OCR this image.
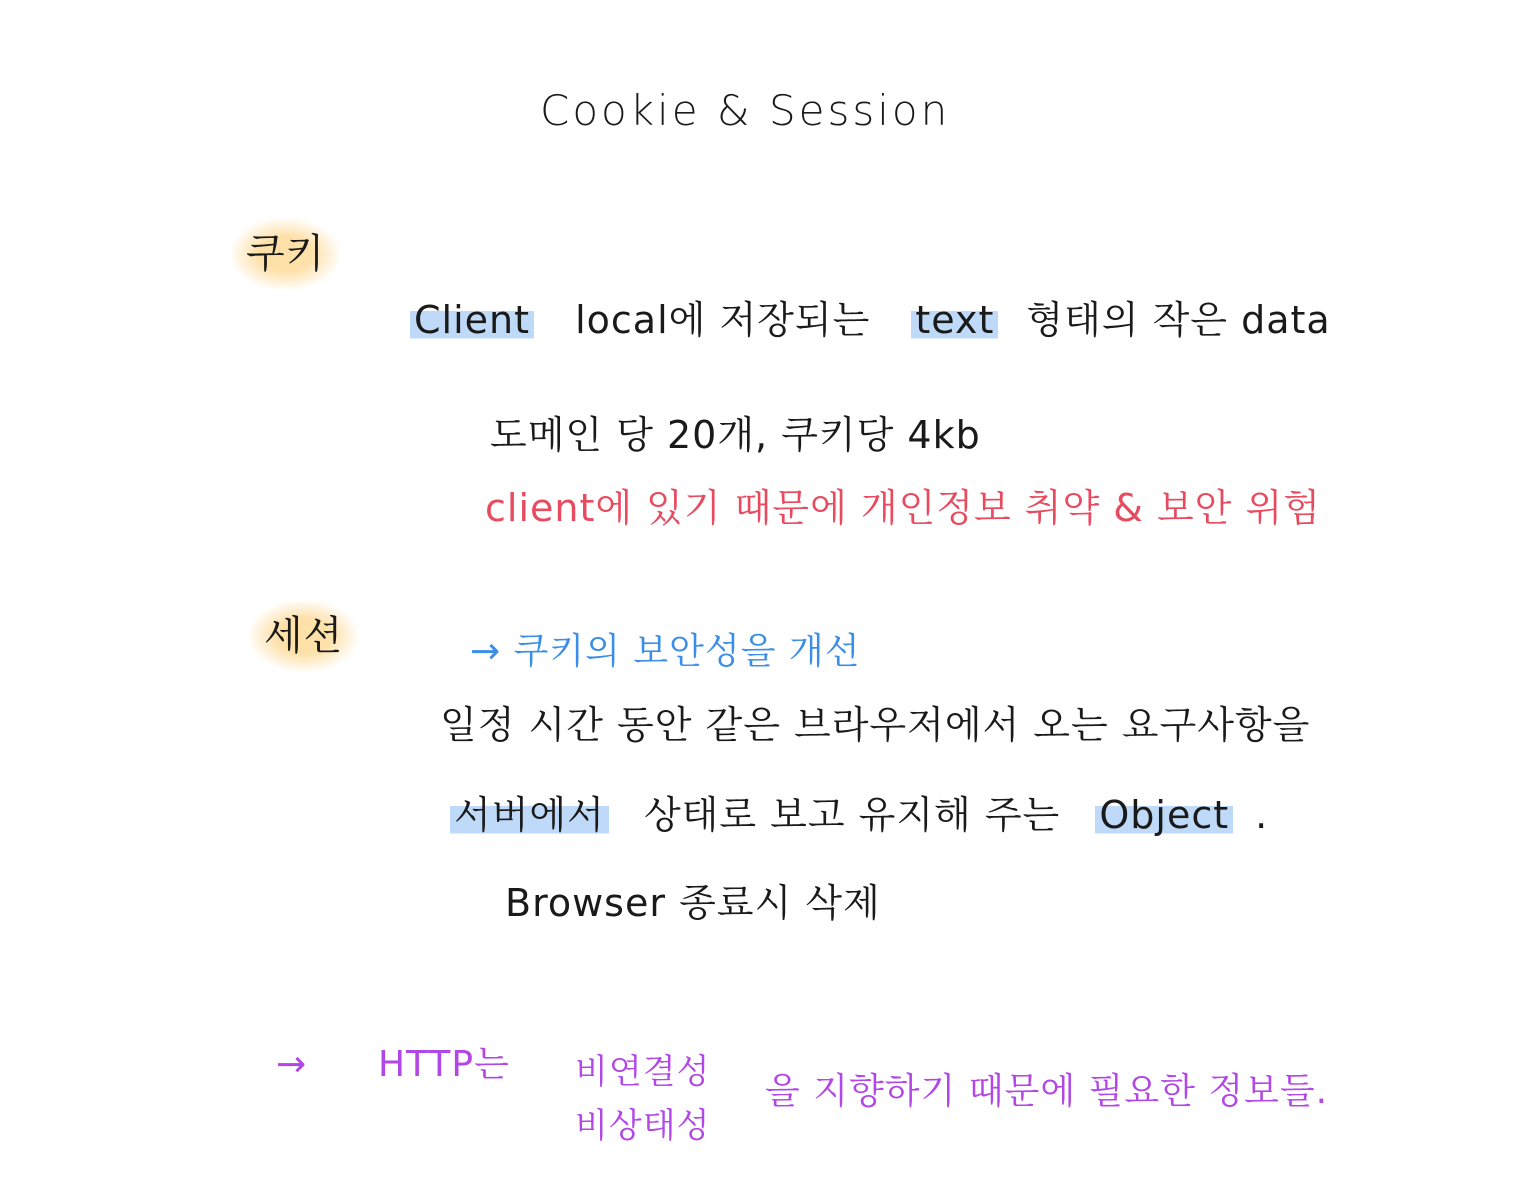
Cookie & Session
쿠키
Client local에 저장되는 text 형태의 작은 data
도메인 당 20개, 쿠키당 4kb
client에 있기 때문에 개인정보 취약 & 보안 위험
세션	→ 쿠키의 보안성을 개선
일정 시간 동안 같은 브라우저에서 오는 요구사항을
서버에서 상태로 보고 유지해 주는 Object .
Browser 종료시 삭제
→ HTTP는 비연결성
비상태성
을 지향하기 때문에 필요한 정보들.
